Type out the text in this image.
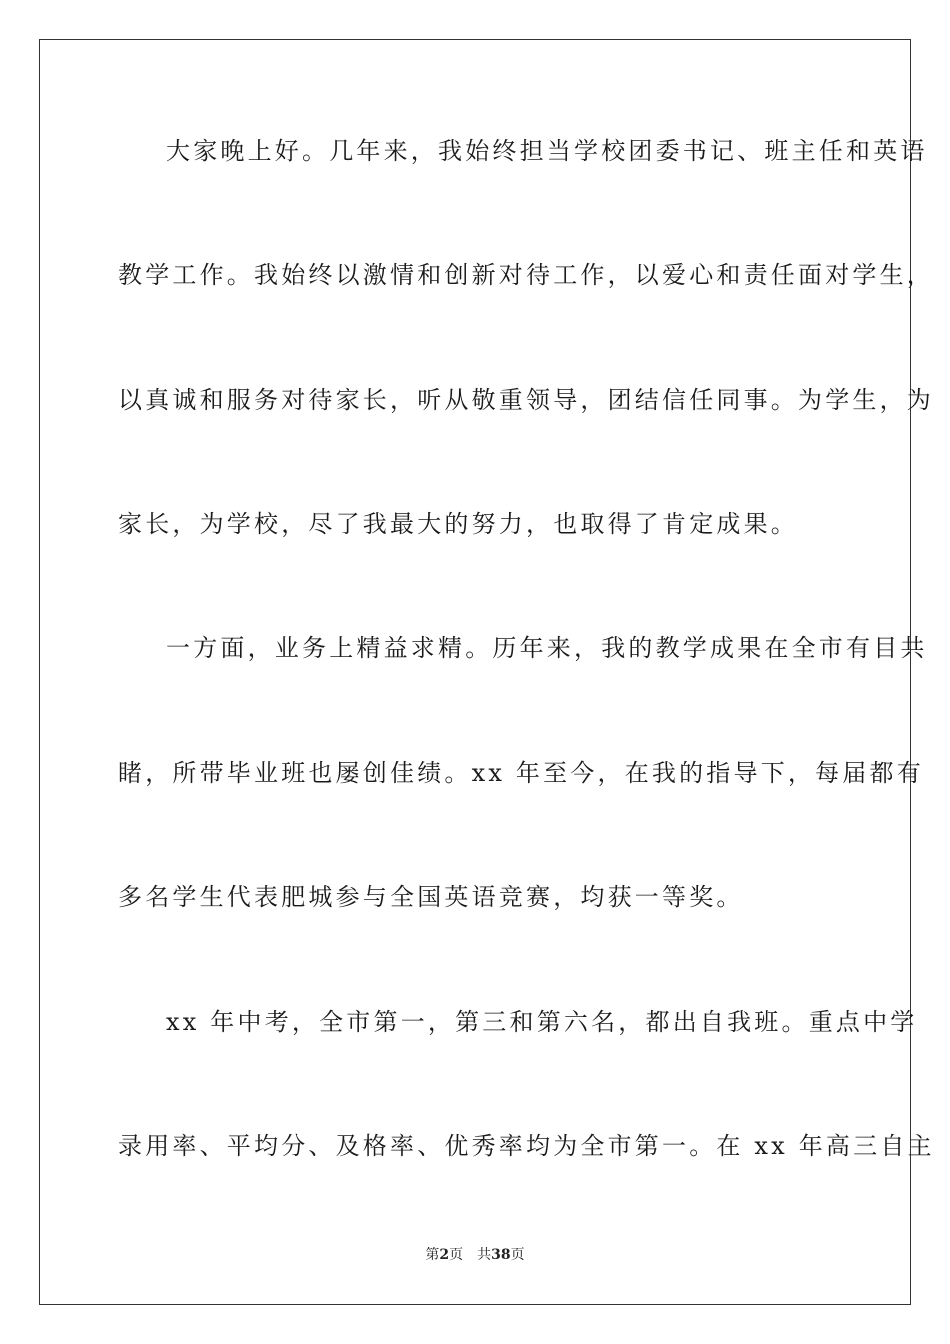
大家晚上好。几年来，我始终担当学校团委书记、班主任和英语
教学工作。我始终以激情和创新对待工作，以爱心和责任面对学生，
以真诚和服务对待家长，听从敬重领导，团结信任同事。为学生，为
家长，为学校，尽了我最大的努力，也取得了肯定成果。
一方面，业务上精益求精。历年来，我的教学成果在全市有目共
睹，所带毕业班也屡创佳绩。xx 年至今，在我的指导下，每届都有
多名学生代表肥城参与全国英语竞赛，均获一等奖。
xx 年中考，全市第一，第三和第六名，都出自我班。重点中学
录用率、平均分、及格率、优秀率均为全市第一。在 xx 年高三自主
第2页 共38页
